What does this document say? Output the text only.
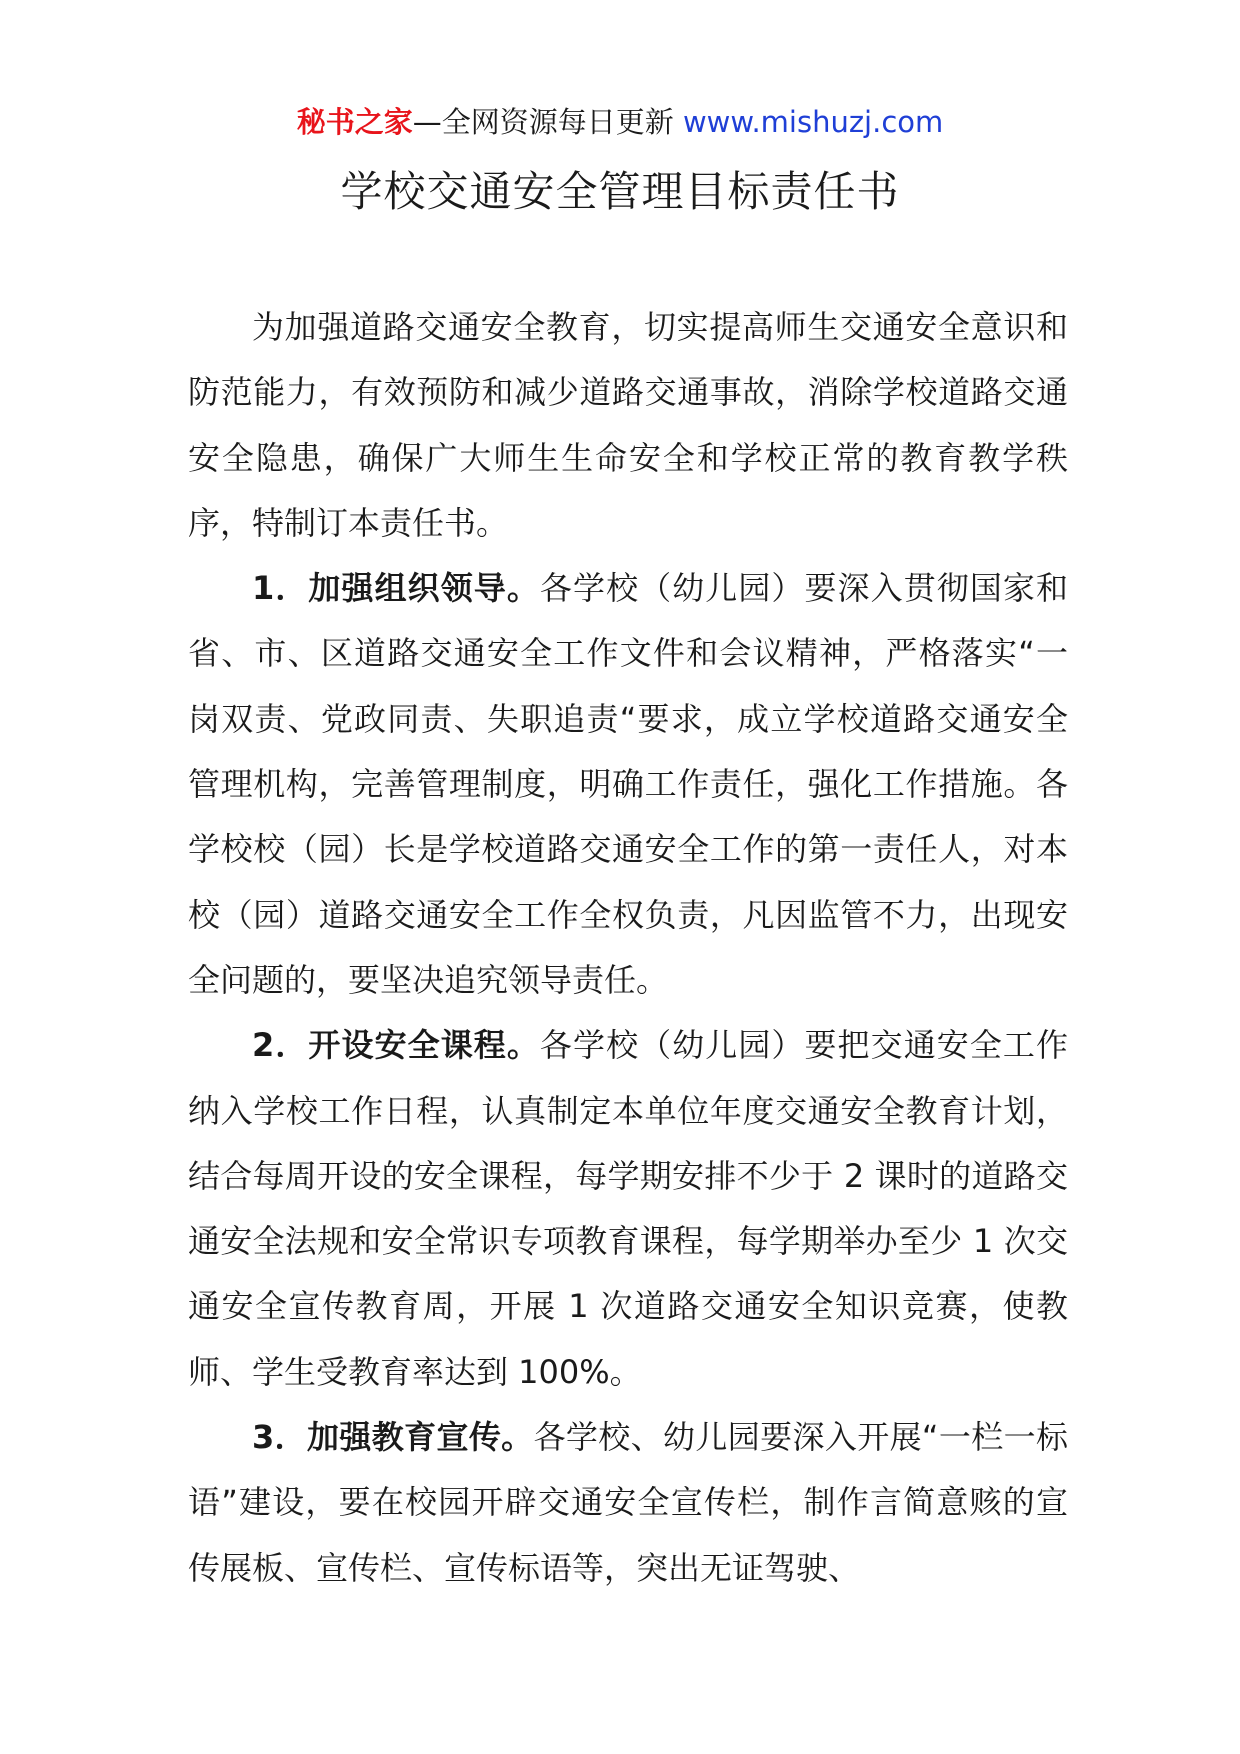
秘书之家—全网资源每日更新 www.mishuzj.com
学校交通安全管理目标责任书

为加强道路交通安全教育，切实提高师生交通安全意识和防范能力，有效预防和减少道路交通事故，消除学校道路交通安全隐患，确保广大师生生命安全和学校正常的教育教学秩序，特制订本责任书。

1．加强组织领导。各学校（幼儿园）要深入贯彻国家和省、市、区道路交通安全工作文件和会议精神，严格落实“一岗双责、党政同责、失职追责“要求，成立学校道路交通安全管理机构，完善管理制度，明确工作责任，强化工作措施。各学校校（园）长是学校道路交通安全工作的第一责任人，对本校（园）道路交通安全工作全权负责，凡因监管不力，出现安全问题的，要坚决追究领导责任。

2．开设安全课程。各学校（幼儿园）要把交通安全工作纳入学校工作日程，认真制定本单位年度交通安全教育计划，结合每周开设的安全课程，每学期安排不少于 2 课时的道路交通安全法规和安全常识专项教育课程，每学期举办至少 1 次交通安全宣传教育周，开展 1 次道路交通安全知识竞赛，使教师、学生受教育率达到 100%。

3．加强教育宣传。各学校、幼儿园要深入开展“一栏一标语”建设，要在校园开辟交通安全宣传栏，制作言简意赅的宣传展板、宣传栏、宣传标语等，突出无证驾驶、
